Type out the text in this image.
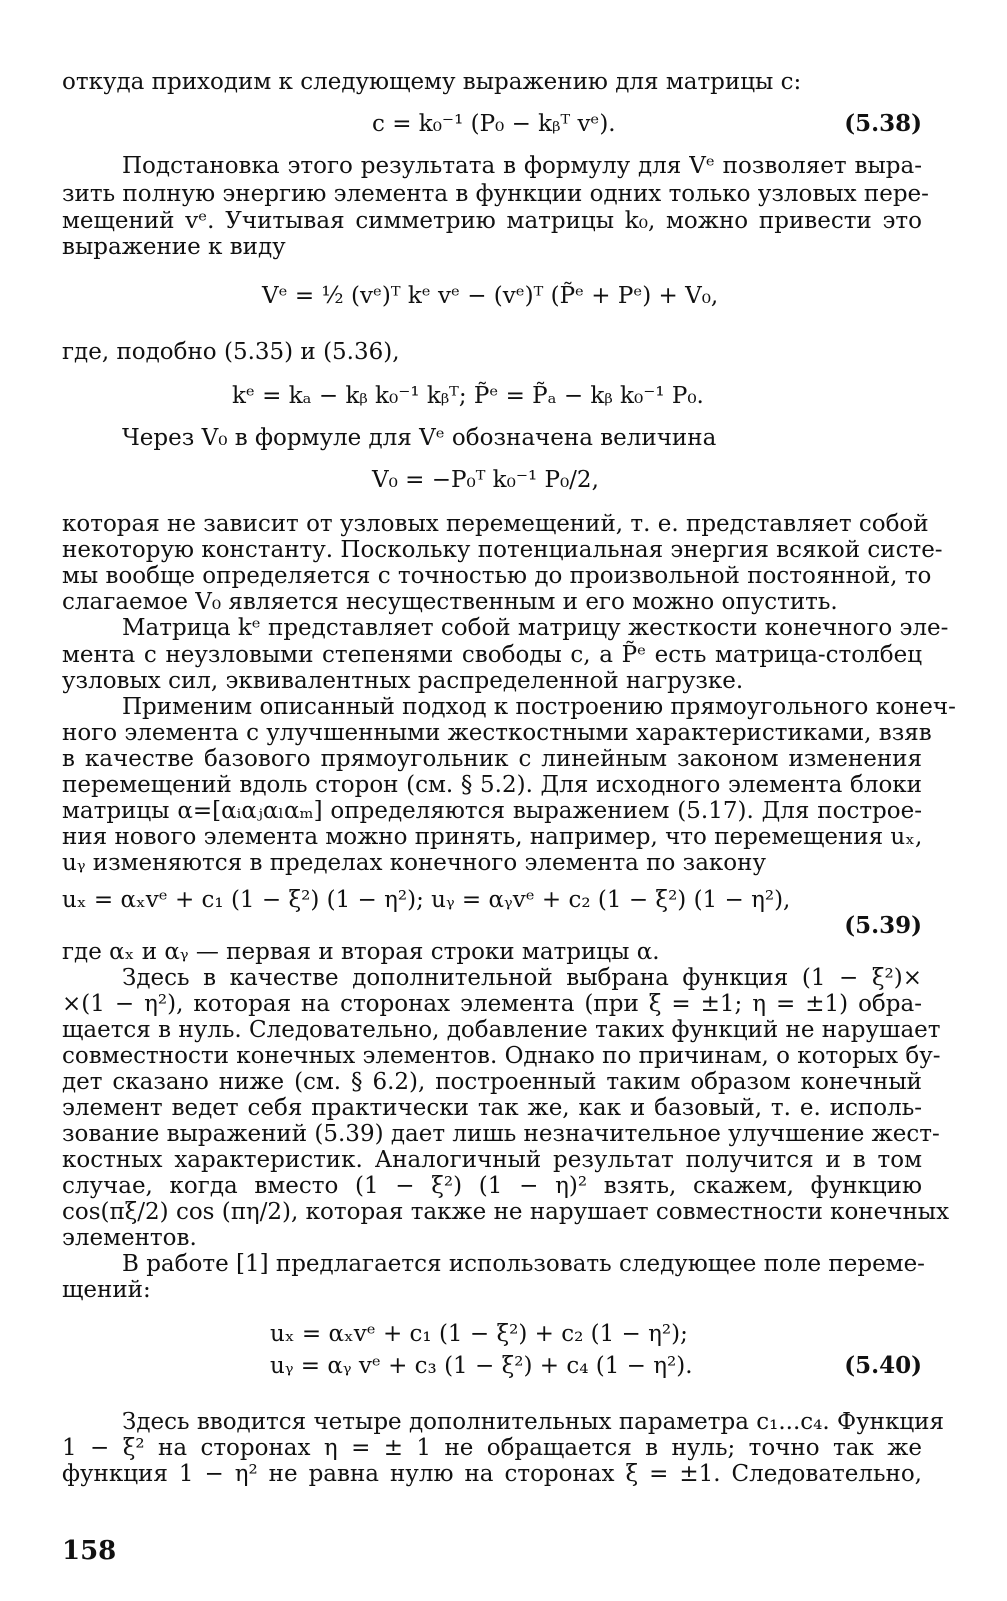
откуда приходим к следующему выражению для матрицы c:
c = k₀⁻¹ (P₀ − kᵦᵀ vᵉ).	(5.38)
Подстановка этого результата в формулу для Vᵉ позволяет выра-
зить полную энергию элемента в функции одних только узловых пере-
мещений vᵉ. Учитывая симметрию матрицы k₀, можно привести это
выражение к виду
Vᵉ = ½ (vᵉ)ᵀ kᵉ vᵉ − (vᵉ)ᵀ (P̃ᵉ + Pᵉ) + V₀,
где, подобно (5.35) и (5.36),
kᵉ = kₐ − kᵦ k₀⁻¹ kᵦᵀ; P̃ᵉ = P̃ₐ − kᵦ k₀⁻¹ P₀.
Через V₀ в формуле для Vᵉ обозначена величина
V₀ = −P₀ᵀ k₀⁻¹ P₀/2,
которая не зависит от узловых перемещений, т. е. представляет собой
некоторую константу. Поскольку потенциальная энергия всякой систе-
мы вообще определяется с точностью до произвольной постоянной, то
слагаемое V₀ является несущественным и его можно опустить.
Матрица kᵉ представляет собой матрицу жесткости конечного эле-
мента с неузловыми степенями свободы c, а P̃ᵉ есть матрица-столбец
узловых сил, эквивалентных распределенной нагрузке.
Применим описанный подход к построению прямоугольного конеч-
ного элемента с улучшенными жесткостными характеристиками, взяв
в качестве базового прямоугольник с линейным законом изменения
перемещений вдоль сторон (см. § 5.2). Для исходного элемента блоки
матрицы α=[αᵢαⱼαₗαₘ] определяются выражением (5.17). Для построе-
ния нового элемента можно принять, например, что перемещения uₓ,
uᵧ изменяются в пределах конечного элемента по закону
uₓ = αₓvᵉ + c₁ (1 − ξ²) (1 − η²); uᵧ = αᵧvᵉ + c₂ (1 − ξ²) (1 − η²),
(5.39)
где αₓ и αᵧ — первая и вторая строки матрицы α.
Здесь в качестве дополнительной выбрана функция (1 − ξ²)×
×(1 − η²), которая на сторонах элемента (при ξ = ±1; η = ±1) обра-
щается в нуль. Следовательно, добавление таких функций не нарушает
совместности конечных элементов. Однако по причинам, о которых бу-
дет сказано ниже (см. § 6.2), построенный таким образом конечный
элемент ведет себя практически так же, как и базовый, т. е. исполь-
зование выражений (5.39) дает лишь незначительное улучшение жест-
костных характеристик. Аналогичный результат получится и в том
случае, когда вместо (1 − ξ²) (1 − η)² взять, скажем, функцию
cos(πξ/2) cos (πη/2), которая также не нарушает совместности конечных
элементов.
В работе [1] предлагается использовать следующее поле переме-
щений:
uₓ = αₓvᵉ + c₁ (1 − ξ²) + c₂ (1 − η²);
uᵧ = αᵧ vᵉ + c₃ (1 − ξ²) + c₄ (1 − η²).	(5.40)
Здесь вводится четыре дополнительных параметра c₁...c₄. Функция
1 − ξ² на сторонах η = ± 1 не обращается в нуль; точно так же
функция 1 − η² не равна нулю на сторонах ξ = ±1. Следовательно,
158
